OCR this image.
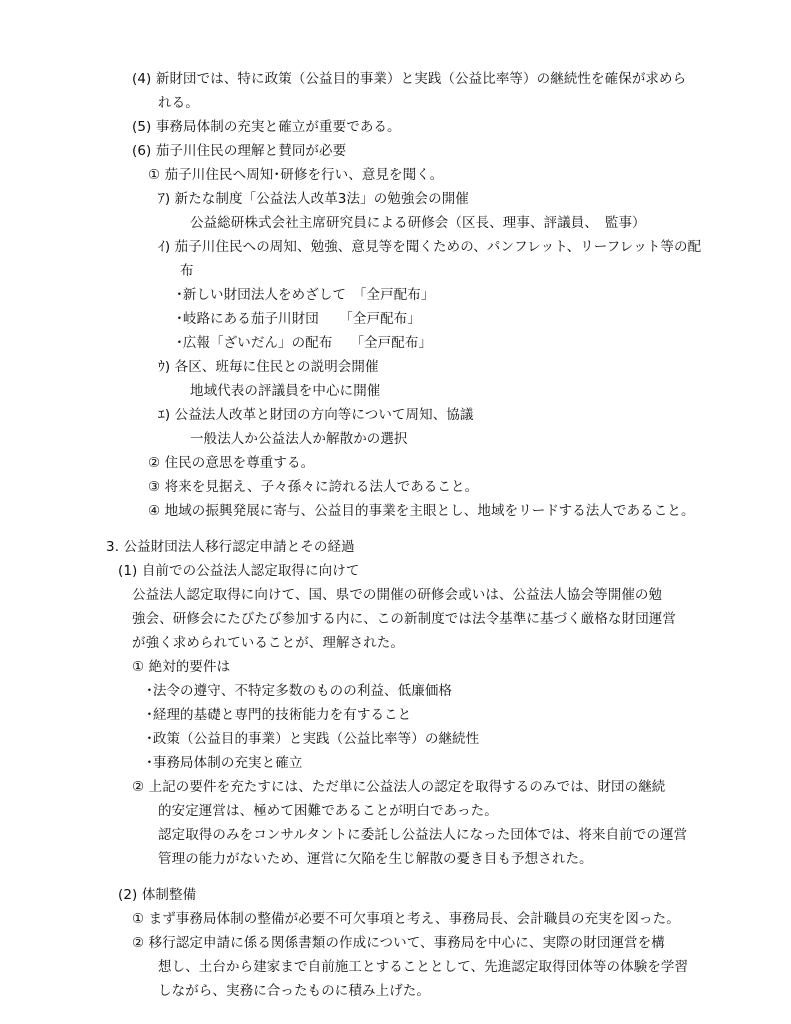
(4) 新財団では、特に政策（公益目的事業）と実践（公益比率等）の継続性を確保が求めら
れる。
(5) 事務局体制の充実と確立が重要である。
(6) 茄子川住民の理解と賛同が必要
① 茄子川住民へ周知･研修を行い、意見を聞く。
ｱ) 新たな制度「公益法人改革3法」の勉強会の開催
公益総研株式会社主席研究員による研修会（区長、理事、評議員、　監事）
ｲ) 茄子川住民への周知、勉強、意見等を聞くための、パンフレット、リーフレット等の配
布
･新しい財団法人をめざして　「全戸配布」
･岐路にある茄子川財団　　「全戸配布」
･広報「ざいだん」の配布　 「全戸配布」
ｳ) 各区、班毎に住民との説明会開催
地域代表の評議員を中心に開催
ｴ) 公益法人改革と財団の方向等について周知、協議
一般法人か公益法人か解散かの選択
② 住民の意思を尊重する。
③ 将来を見据え、子々孫々に誇れる法人であること。
④ 地域の振興発展に寄与、公益目的事業を主眼とし、地域をリードする法人であること。
3. 公益財団法人移行認定申請とその経過
(1) 自前での公益法人認定取得に向けて
公益法人認定取得に向けて、国、県での開催の研修会或いは、公益法人協会等開催の勉
強会、研修会にたびたび参加する内に、この新制度では法令基準に基づく厳格な財団運営
が強く求められていることが、理解された。
① 絶対的要件は
･法令の遵守、不特定多数のものの利益、低廉価格
･経理的基礎と専門的技術能力を有すること
･政策（公益目的事業）と実践（公益比率等）の継続性
･事務局体制の充実と確立
② 上記の要件を充たすには、ただ単に公益法人の認定を取得するのみでは、財団の継続
的安定運営は、極めて困難であることが明白であった。
認定取得のみをコンサルタントに委託し公益法人になった団体では、将来自前での運営
管理の能力がないため、運営に欠陥を生じ解散の憂き目も予想された。
(2) 体制整備
① まず事務局体制の整備が必要不可欠事項と考え、事務局長、会計職員の充実を図った。
② 移行認定申請に係る関係書類の作成について、事務局を中心に、実際の財団運営を構
想し、土台から建家まで自前施工とすることとして、先進認定取得団体等の体験を学習
しながら、実務に合ったものに積み上げた。
